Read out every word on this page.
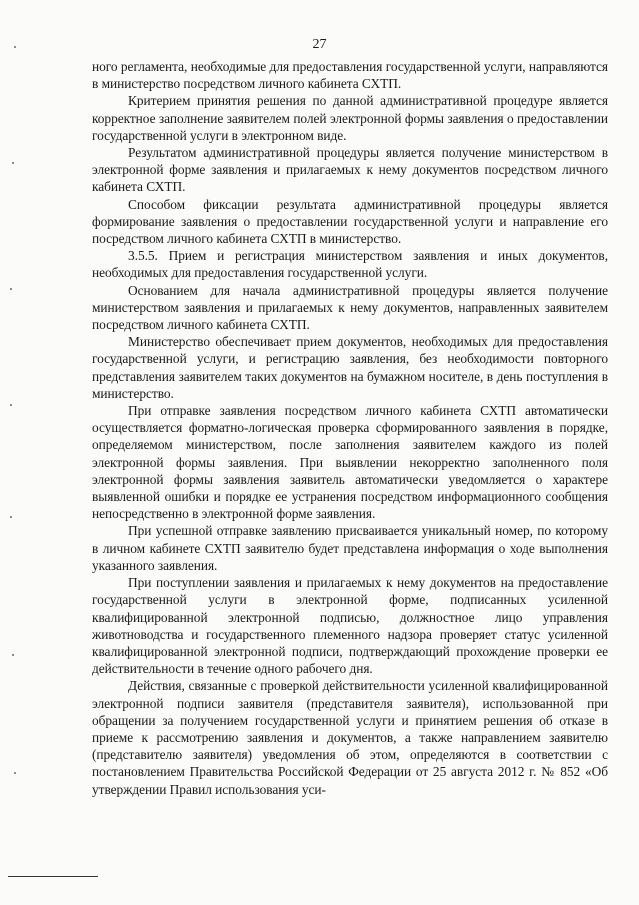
27

ного регламента, необходимые для предоставления государственной услуги, направляются в министерство посредством личного кабинета СХТП.

Критерием принятия решения по данной административной процедуре является корректное заполнение заявителем полей электронной формы заявления о предоставлении государственной услуги в электронном виде.

Результатом административной процедуры является получение министерством в электронной форме заявления и прилагаемых к нему документов посредством личного кабинета СХТП.

Способом фиксации результата административной процедуры является формирование заявления о предоставлении государственной услуги и направление его посредством личного кабинета СХТП в министерство.

3.5.5. Прием и регистрация министерством заявления и иных документов, необходимых для предоставления государственной услуги.

Основанием для начала административной процедуры является получение министерством заявления и прилагаемых к нему документов, направленных заявителем посредством личного кабинета СХТП.

Министерство обеспечивает прием документов, необходимых для предоставления государственной услуги, и регистрацию заявления, без необходимости повторного представления заявителем таких документов на бумажном носителе, в день поступления в министерство.

При отправке заявления посредством личного кабинета СХТП автоматически осуществляется форматно-логическая проверка сформированного заявления в порядке, определяемом министерством, после заполнения заявителем каждого из полей электронной формы заявления. При выявлении некорректно заполненного поля электронной формы заявления заявитель автоматически уведомляется о характере выявленной ошибки и порядке ее устранения посредством информационного сообщения непосредственно в электронной форме заявления.

При успешной отправке заявлению присваивается уникальный номер, по которому в личном кабинете СХТП заявителю будет представлена информация о ходе выполнения указанного заявления.

При поступлении заявления и прилагаемых к нему документов на предоставление государственной услуги в электронной форме, подписанных усиленной квалифицированной электронной подписью, должностное лицо управления животноводства и государственного племенного надзора проверяет статус усиленной квалифицированной электронной подписи, подтверждающий прохождение проверки ее действительности в течение одного рабочего дня.

Действия, связанные с проверкой действительности усиленной квалифицированной электронной подписи заявителя (представителя заявителя), использованной при обращении за получением государственной услуги и принятием решения об отказе в приеме к рассмотрению заявления и документов, а также направлением заявителю (представителю заявителя) уведомления об этом, определяются в соответствии с постановлением Правительства Российской Федерации от 25 августа 2012 г. № 852 «Об утверждении Правил использования уси-
